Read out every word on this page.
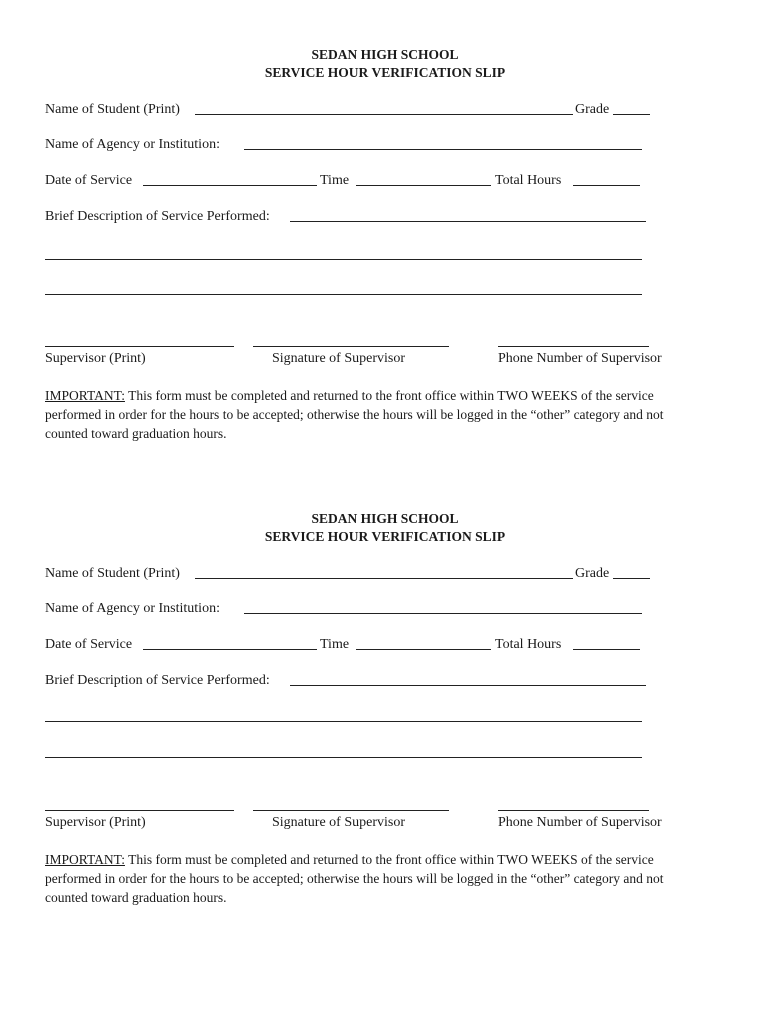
SEDAN HIGH SCHOOL
SERVICE HOUR VERIFICATION SLIP
Name of Student (Print)	Grade
Name of Agency or Institution:
Date of Service	Time	Total Hours
Brief Description of Service Performed:
Supervisor (Print)	Signature of Supervisor	Phone Number of Supervisor
IMPORTANT: This form must be completed and returned to the front office within TWO WEEKS of the service performed in order for the hours to be accepted; otherwise the hours will be logged in the “other” category and not counted toward graduation hours.
SEDAN HIGH SCHOOL
SERVICE HOUR VERIFICATION SLIP
Name of Student (Print)	Grade
Name of Agency or Institution:
Date of Service	Time	Total Hours
Brief Description of Service Performed:
Supervisor (Print)	Signature of Supervisor	Phone Number of Supervisor
IMPORTANT: This form must be completed and returned to the front office within TWO WEEKS of the service performed in order for the hours to be accepted; otherwise the hours will be logged in the “other” category and not counted toward graduation hours.
